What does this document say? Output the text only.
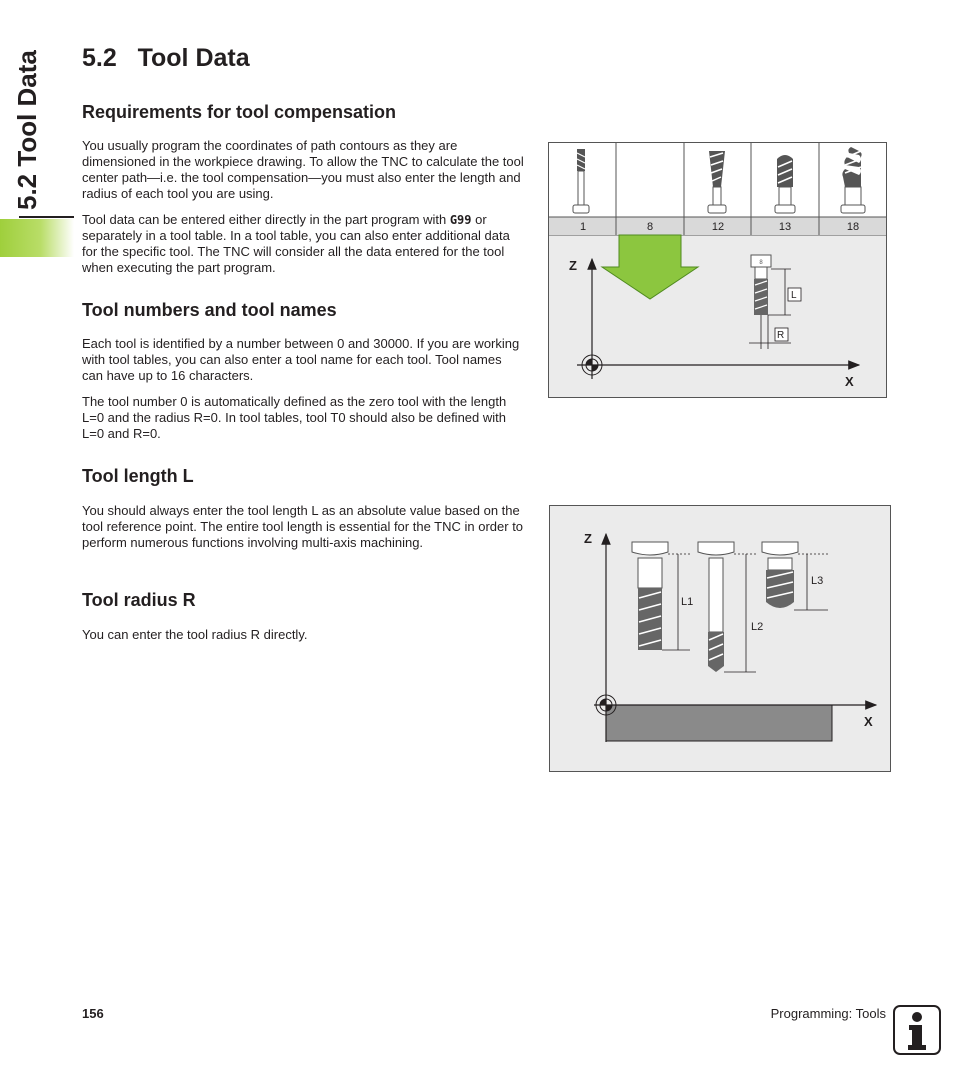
5.2 Tool Data 5.2   Tool Data
Requirements for tool compensation

You usually program the coordinates of path contours as they are dimensioned in the workpiece drawing. To allow the TNC to calculate the tool center path—i.e. the tool compensation—you must also enter the length and radius of each tool you are using.

Tool data can be entered either directly in the part program with G99 or separately in a tool table. In a tool table, you can also enter additional data for the specific tool. The TNC will consider all the data entered for the tool when executing the part program.

Tool numbers and tool names

Each tool is identified by a number between 0 and 30000. If you are working with tool tables, you can also enter a tool name for each tool. Tool names can have up to 16 characters.

The tool number 0 is automatically defined as the zero tool with the length L=0 and the radius R=0. In tool tables, tool T0 should also be defined with L=0 and R=0.

Tool length L

You should always enter the tool length L as an absolute value based on the tool reference point. The entire tool length is essential for the TNC in order to perform numerous functions involving multi-axis machining.

Tool radius R

You can enter the tool radius R directly.

1	8	12	13	18
Z
X
8
L
R
Z
X
L1
L2
L3
156	Programming: Tools
